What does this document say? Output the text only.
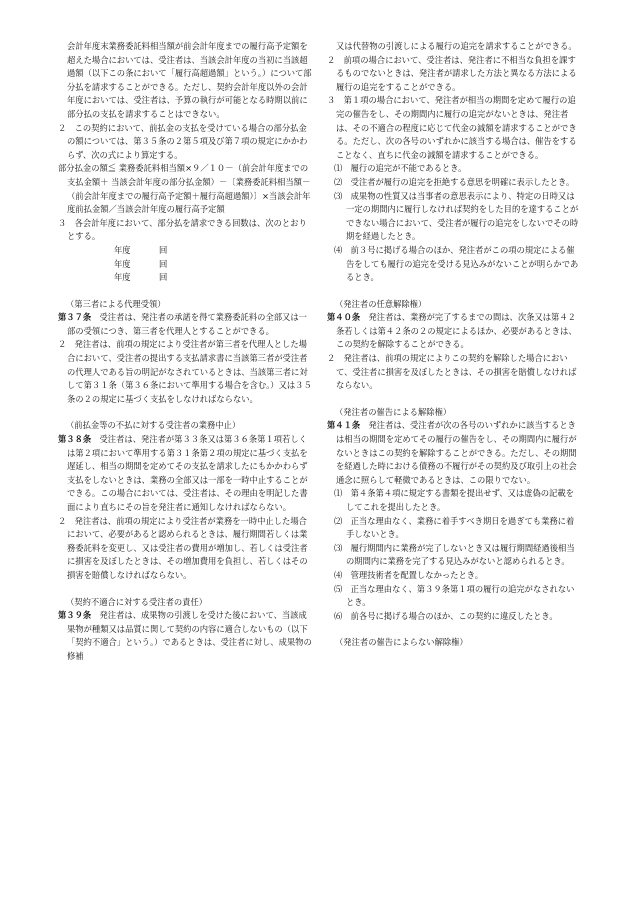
会計年度末業務委託料相当額が前会計年度までの履行高予定額を超えた場合においては、受注者は、当該会計年度の当初に当該超過額（以下この条において「履行高超過額」という。）について部分払を請求することができる。ただし、契約会計年度以外の会計年度においては、受注者は、予算の執行が可能となる時期以前に部分払の支払を請求することはできない。

２　この契約において、前払金の支払を受けている場合の部分払金の額については、第３５条の２第５項及び第７項の規定にかかわらず、次の式により算定する。

部分払金の額≦ 業務委託料相当額×９／１０－（前会計年度までの支払金額＋ 当該会計年度の部分払金額）－〔業務委託料相当額－（前会計年度までの履行高予定額＋履行高超過額）〕×当該会計年度前払金額／当該会計年度の履行高予定額

３　各会計年度において、部分払を請求できる回数は、次のとおりとする。

年度	回
年度	回
年度	回

（第三者による代理受領）

第３７条　受注者は、発注者の承諾を得て業務委託料の全部又は一部の受領につき、第三者を代理人とすることができる。

２　発注者は、前項の規定により受注者が第三者を代理人とした場合において、受注者の提出する支払請求書に当該第三者が受注者の代理人である旨の明記がなされているときは、当該第三者に対して第３１条（第３６条において準用する場合を含む。）又は３５条の２の規定に基づく支払をしなければならない。

（前払金等の不払に対する受注者の業務中止）

第３８条　受注者は、発注者が第３３条又は第３６条第１項若しくは第２項において準用する第３１条第２項の規定に基づく支払を遅延し、相当の期間を定めてその支払を請求したにもかかわらず支払をしないときは、業務の全部又は一部を一時中止することができる。この場合においては、受注者は、その理由を明記した書面により直ちにその旨を発注者に通知しなければならない。

２　発注者は、前項の規定により受注者が業務を一時中止した場合において、必要があると認められるときは、履行期間若しくは業務委託料を変更し、又は受注者の費用が増加し、若しくは受注者に損害を及ぼしたときは、その増加費用を負担し、若しくはその損害を賠償しなければならない。

（契約不適合に対する受注者の責任）

第３９条　発注者は、成果物の引渡しを受けた後において、当該成果物が種類又は品質に関して契約の内容に適合しないもの（以下「契約不適合」という。）であるときは、受注者に対し、成果物の修補

又は代替物の引渡しによる履行の追完を請求することができる。

２　前項の場合において、受注者は、発注者に不相当な負担を課するものでないときは、発注者が請求した方法と異なる方法による履行の追完をすることができる。

３　第１項の場合において、発注者が相当の期間を定めて履行の追完の催告をし、その期間内に履行の追完がないときは、発注者は、その不適合の程度に応じて代金の減額を請求することができる。ただし、次の各号のいずれかに該当する場合は、催告をすることなく、直ちに代金の減額を請求することができる。

⑴　履行の追完が不能であるとき。

⑵　受注者が履行の追完を拒絶する意思を明確に表示したとき。

⑶　成果物の性質又は当事者の意思表示により、特定の日時又は一定の期間内に履行しなければ契約をした目的を達することができない場合において、受注者が履行の追完をしないでその時期を経過したとき。

⑷　前３号に掲げる場合のほか、発注者がこの項の規定による催告をしても履行の追完を受ける見込みがないことが明らかであるとき。

（発注者の任意解除権）

第４０条　発注者は、業務が完了するまでの間は、次条又は第４２条若しくは第４２条の２の規定によるほか、必要があるときは、この契約を解除することができる。

２　発注者は、前項の規定によりこの契約を解除した場合において、受注者に損害を及ぼしたときは、その損害を賠償しなければならない。

（発注者の催告による解除権）

第４１条　発注者は、受注者が次の各号のいずれかに該当するときは相当の期間を定めてその履行の催告をし、その期間内に履行がないときはこの契約を解除することができる。ただし、その期間を経過した時における債務の不履行がその契約及び取引上の社会通念に照らして軽微であるときは、この限りでない。

⑴　第４条第４項に規定する書類を提出せず、又は虚偽の記載をしてこれを提出したとき。

⑵　正当な理由なく、業務に着手すべき期日を過ぎても業務に着手しないとき。

⑶　履行期間内に業務が完了しないとき又は履行期間経過後相当の期間内に業務を完了する見込みがないと認められるとき。

⑷　管理技術者を配置しなかったとき。

⑸　正当な理由なく、第３９条第１項の履行の追完がなされないとき。

⑹　前各号に掲げる場合のほか、この契約に違反したとき。

（発注者の催告によらない解除権）
